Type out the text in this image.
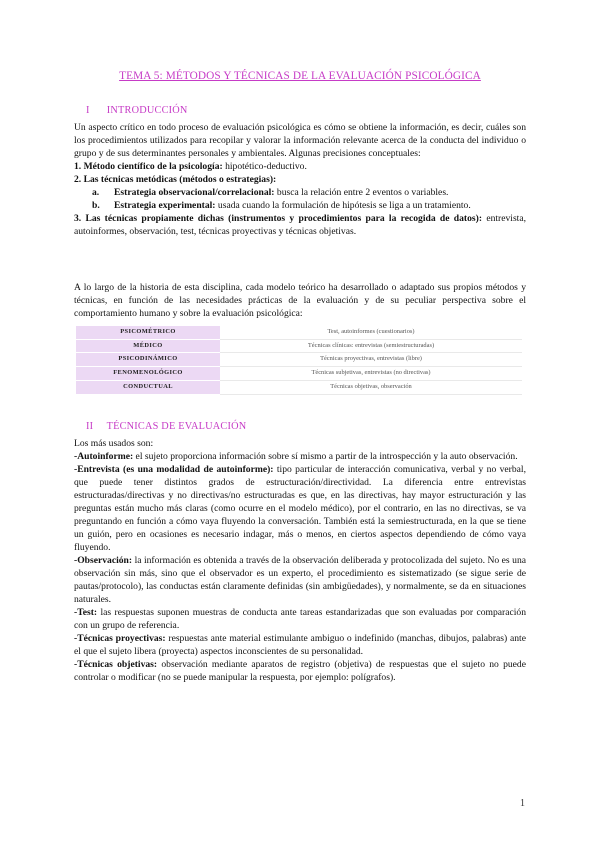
TEMA 5: MÉTODOS Y TÉCNICAS DE LA EVALUACIÓN PSICOLÓGICA
I INTRODUCCIÓN

Un aspecto crítico en todo proceso de evaluación psicológica es cómo se obtiene la información, es decir, cuáles son los procedimientos utilizados para recopilar y valorar la información relevante acerca de la conducta del individuo o grupo y de sus determinantes personales y ambientales. Algunas precisiones conceptuales:

1. Método científico de la psicología: hipotético-deductivo.

2. Las técnicas metódicas (métodos o estrategias):

a. Estrategia observacional/correlacional: busca la relación entre 2 eventos o variables.

b. Estrategia experimental: usada cuando la formulación de hipótesis se liga a un tratamiento.

3. Las técnicas propiamente dichas (instrumentos y procedimientos para la recogida de datos): entrevista, autoinformes, observación, test, técnicas proyectivas y técnicas objetivas.

A lo largo de la historia de esta disciplina, cada modelo teórico ha desarrollado o adaptado sus propios métodos y técnicas, en función de las necesidades prácticas de la evaluación y de su peculiar perspectiva sobre el comportamiento humano y sobre la evaluación psicológica:

PSICOMÉTRICO	Test, autoinformes (cuestionarios)
MÉDICO	Técnicas clínicas: entrevistas (semiestructuradas)
PSICODINÁMICO	Técnicas proyectivas, entrevistas (libre)
FENOMENOLÓGICO	Técnicas subjetivas, entrevistas (no directivas)
CONDUCTUAL	Técnicas objetivas, observación
II TÉCNICAS DE EVALUACIÓN

Los más usados son:

-Autoinforme: el sujeto proporciona información sobre sí mismo a partir de la introspección y la auto observación.

-Entrevista (es una modalidad de autoinforme): tipo particular de interacción comunicativa, verbal y no verbal, que puede tener distintos grados de estructuración/directividad. La diferencia entre entrevistas estructuradas/directivas y no directivas/no estructuradas es que, en las directivas, hay mayor estructuración y las preguntas están mucho más claras (como ocurre en el modelo médico), por el contrario, en las no directivas, se va preguntando en función a cómo vaya fluyendo la conversación. También está la semiestructurada, en la que se tiene un guión, pero en ocasiones es necesario indagar, más o menos, en ciertos aspectos dependiendo de cómo vaya fluyendo.

-Observación: la información es obtenida a través de la observación deliberada y protocolizada del sujeto. No es una observación sin más, sino que el observador es un experto, el procedimiento es sistematizado (se sigue serie de pautas/protocolo), las conductas están claramente definidas (sin ambigüedades), y normalmente, se da en situaciones naturales.

-Test: las respuestas suponen muestras de conducta ante tareas estandarizadas que son evaluadas por comparación con un grupo de referencia.

-Técnicas proyectivas: respuestas ante material estimulante ambiguo o indefinido (manchas, dibujos, palabras) ante el que el sujeto libera (proyecta) aspectos inconscientes de su personalidad.

-Técnicas objetivas: observación mediante aparatos de registro (objetiva) de respuestas que el sujeto no puede controlar o modificar (no se puede manipular la respuesta, por ejemplo: polígrafos).

1
